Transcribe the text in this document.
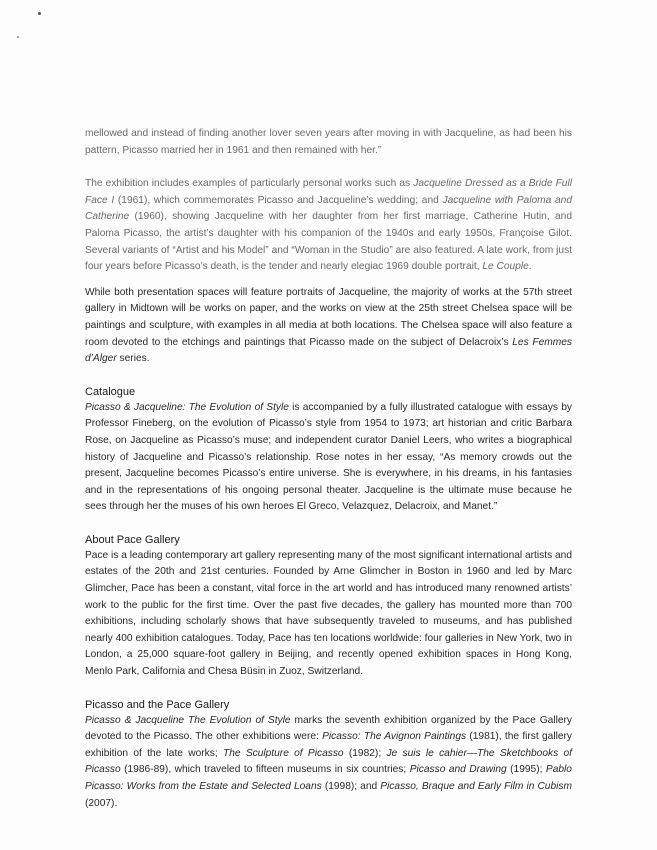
mellowed and instead of finding another lover seven years after moving in with Jacqueline, as had been his pattern, Picasso married her in 1961 and then remained with her.”

The exhibition includes examples of particularly personal works such as Jacqueline Dressed as a Bride Full Face I (1961), which commemorates Picasso and Jacqueline’s wedding; and Jacqueline with Paloma and Catherine (1960), showing Jacqueline with her daughter from her first marriage, Catherine Hutin, and Paloma Picasso, the artist’s daughter with his companion of the 1940s and early 1950s, Françoise Gilot. Several variants of “Artist and his Model” and “Woman in the Studio” are also featured. A late work, from just four years before Picasso’s death, is the tender and nearly elegiac 1969 double portrait, Le Couple.

While both presentation spaces will feature portraits of Jacqueline, the majority of works at the 57th street gallery in Midtown will be works on paper, and the works on view at the 25th street Chelsea space will be paintings and sculpture, with examples in all media at both locations. The Chelsea space will also feature a room devoted to the etchings and paintings that Picasso made on the subject of Delacroix’s Les Femmes d’Alger series.

Catalogue

Picasso & Jacqueline: The Evolution of Style is accompanied by a fully illustrated catalogue with essays by Professor Fineberg, on the evolution of Picasso’s style from 1954 to 1973; art historian and critic Barbara Rose, on Jacqueline as Picasso’s muse; and independent curator Daniel Leers, who writes a biographical history of Jacqueline and Picasso’s relationship. Rose notes in her essay, “As memory crowds out the present, Jacqueline becomes Picasso’s entire universe. She is everywhere, in his dreams, in his fantasies and in the representations of his ongoing personal theater. Jacqueline is the ultimate muse because he sees through her the muses of his own heroes El Greco, Velazquez, Delacroix, and Manet.”

About Pace Gallery

Pace is a leading contemporary art gallery representing many of the most significant international artists and estates of the 20th and 21st centuries. Founded by Arne Glimcher in Boston in 1960 and led by Marc Glimcher, Pace has been a constant, vital force in the art world and has introduced many renowned artists’ work to the public for the first time. Over the past five decades, the gallery has mounted more than 700 exhibitions, including scholarly shows that have subsequently traveled to museums, and has published nearly 400 exhibition catalogues. Today, Pace has ten locations worldwide: four galleries in New York, two in London, a 25,000 square-foot gallery in Beijing, and recently opened exhibition spaces in Hong Kong, Menlo Park, California and Chesa Büsin in Zuoz, Switzerland.

Picasso and the Pace Gallery

Picasso & Jacqueline The Evolution of Style marks the seventh exhibition organized by the Pace Gallery devoted to the Picasso. The other exhibitions were: Picasso: The Avignon Paintings (1981), the first gallery exhibition of the late works; The Sculpture of Picasso (1982); Je suis le cahier—The Sketchbooks of Picasso (1986-89), which traveled to fifteen museums in six countries; Picasso and Drawing (1995); Pablo Picasso: Works from the Estate and Selected Loans (1998); and Picasso, Braque and Early Film in Cubism (2007).
